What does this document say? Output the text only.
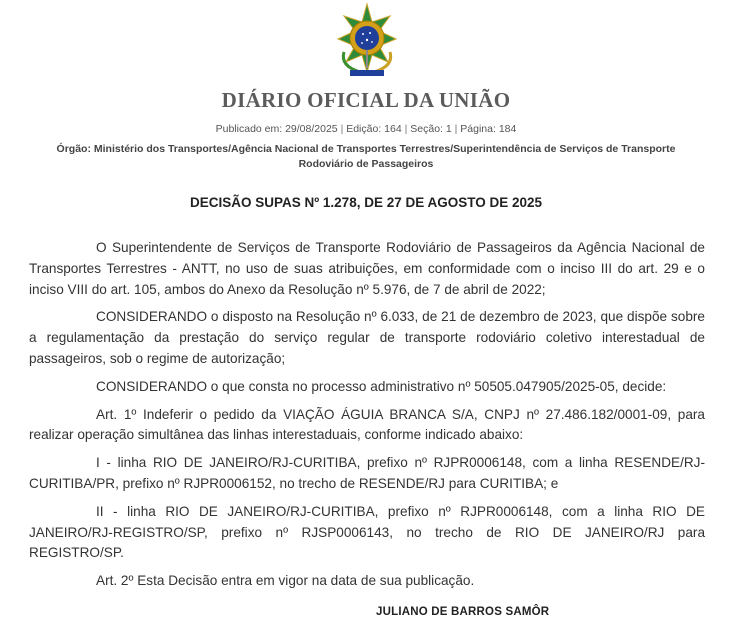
DIÁRIO OFICIAL DA UNIÃO
Publicado em: 29/08/2025 | Edição: 164 | Seção: 1 | Página: 184
Órgão: Ministério dos Transportes/Agência Nacional de Transportes Terrestres/Superintendência de Serviços de Transporte Rodoviário de Passageiros
DECISÃO SUPAS Nº 1.278, DE 27 DE AGOSTO DE 2025

O Superintendente de Serviços de Transporte Rodoviário de Passageiros da Agência Nacional de Transportes Terrestres - ANTT, no uso de suas atribuições, em conformidade com o inciso III do art. 29 e o inciso VIII do art. 105, ambos do Anexo da Resolução nº 5.976, de 7 de abril de 2022;

CONSIDERANDO o disposto na Resolução nº 6.033, de 21 de dezembro de 2023, que dispõe sobre a regulamentação da prestação do serviço regular de transporte rodoviário coletivo interestadual de passageiros, sob o regime de autorização;

CONSIDERANDO o que consta no processo administrativo nº 50505.047905/2025-05, decide:

Art. 1º Indeferir o pedido da VIAÇÃO ÁGUIA BRANCA S/A, CNPJ nº 27.486.182/0001-09, para realizar operação simultânea das linhas interestaduais, conforme indicado abaixo:

I - linha RIO DE JANEIRO/RJ-CURITIBA, prefixo nº RJPR0006148, com a linha RESENDE/RJ-CURITIBA/PR, prefixo nº RJPR0006152, no trecho de RESENDE/RJ para CURITIBA; e

II - linha RIO DE JANEIRO/RJ-CURITIBA, prefixo nº RJPR0006148, com a linha RIO DE JANEIRO/RJ-REGISTRO/SP, prefixo nº RJSP0006143, no trecho de RIO DE JANEIRO/RJ para REGISTRO/SP.

Art. 2º Esta Decisão entra em vigor na data de sua publicação.

JULIANO DE BARROS SAMÔR
